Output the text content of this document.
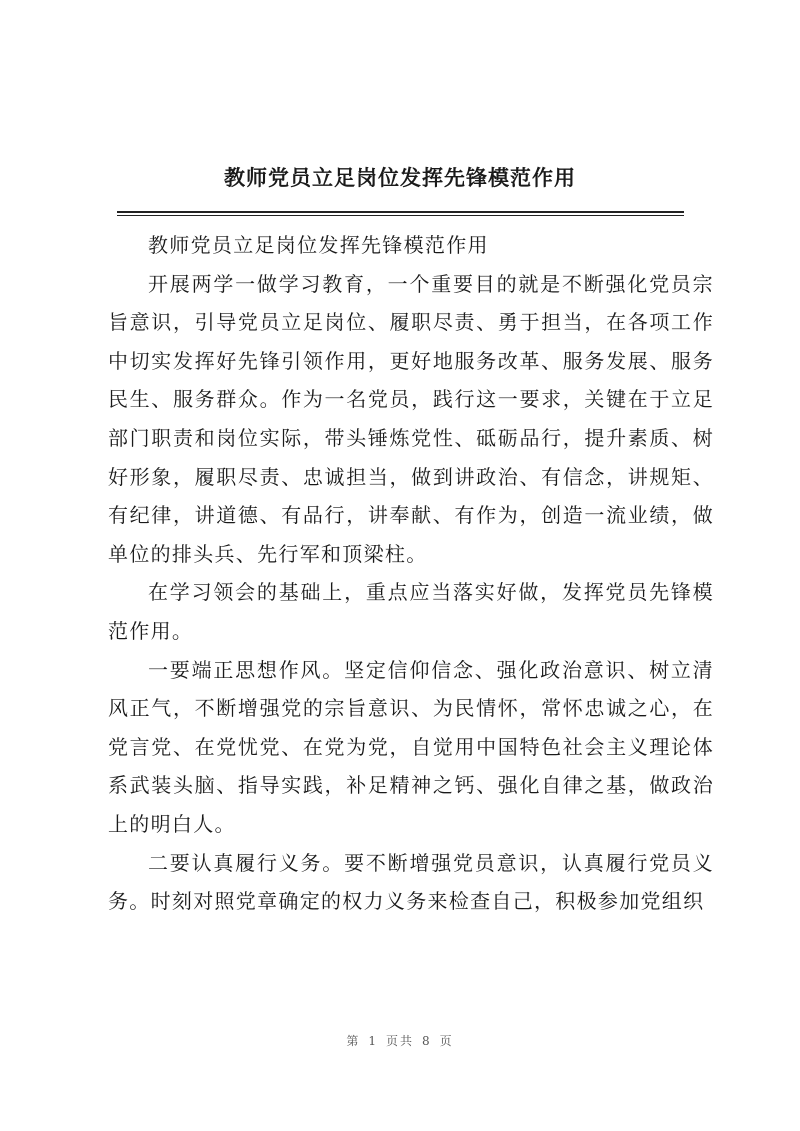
教师党员立足岗位发挥先锋模范作用

教师党员立足岗位发挥先锋模范作用

开展两学一做学习教育，一个重要目的就是不断强化党员宗旨意识，引导党员立足岗位、履职尽责、勇于担当，在各项工作中切实发挥好先锋引领作用，更好地服务改革、服务发展、服务民生、服务群众。作为一名党员，践行这一要求，关键在于立足部门职责和岗位实际，带头锤炼党性、砥砺品行，提升素质、树好形象，履职尽责、忠诚担当，做到讲政治、有信念，讲规矩、有纪律，讲道德、有品行，讲奉献、有作为，创造一流业绩，做单位的排头兵、先行军和顶梁柱。

在学习领会的基础上，重点应当落实好做，发挥党员先锋模范作用。

一要端正思想作风。坚定信仰信念、强化政治意识、树立清风正气，不断增强党的宗旨意识、为民情怀，常怀忠诚之心，在党言党、在党忧党、在党为党，自觉用中国特色社会主义理论体系武装头脑、指导实践，补足精神之钙、强化自律之基，做政治上的明白人。

二要认真履行义务。要不断增强党员意识，认真履行党员义务。时刻对照党章确定的权力义务来检查自己，积极参加党组织

第 1 页共 8 页
